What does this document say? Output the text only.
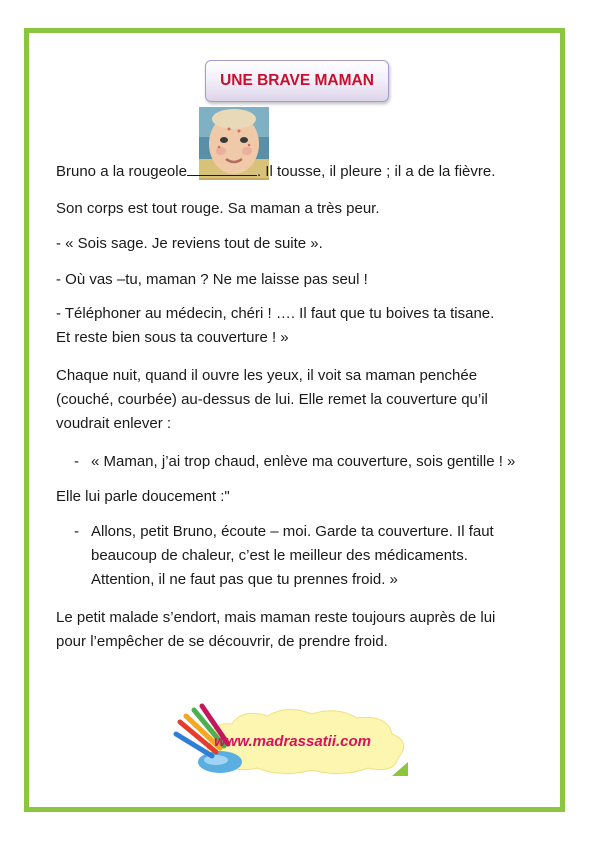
UNE BRAVE MAMAN
Bruno a la rougeole	. Il tousse, il pleure ; il a de la fièvre.
Son corps est tout rouge. Sa maman a très peur.
- « Sois sage. Je reviens tout de suite ».
- Où vas –tu, maman ? Ne me laisse pas seul !
- Téléphoner au médecin, chéri ! …. Il faut que tu boives ta tisane.
Et reste bien sous ta couverture ! »
Chaque nuit, quand il ouvre les yeux, il voit sa maman penchée
(couché, courbée) au-dessus de lui. Elle remet la couverture qu’il
voudrait enlever :
- « Maman, j’ai trop chaud, enlève ma couverture, sois gentille ! »
Elle lui parle doucement :"
- Allons, petit Bruno, écoute – moi. Garde ta couverture. Il faut
beaucoup de chaleur, c’est le meilleur des médicaments.
Attention, il ne faut pas que tu prennes froid. »
Le petit malade s’endort, mais maman reste toujours auprès de lui
pour l’empêcher de se découvrir, de prendre froid.
www.madrassatii.com
